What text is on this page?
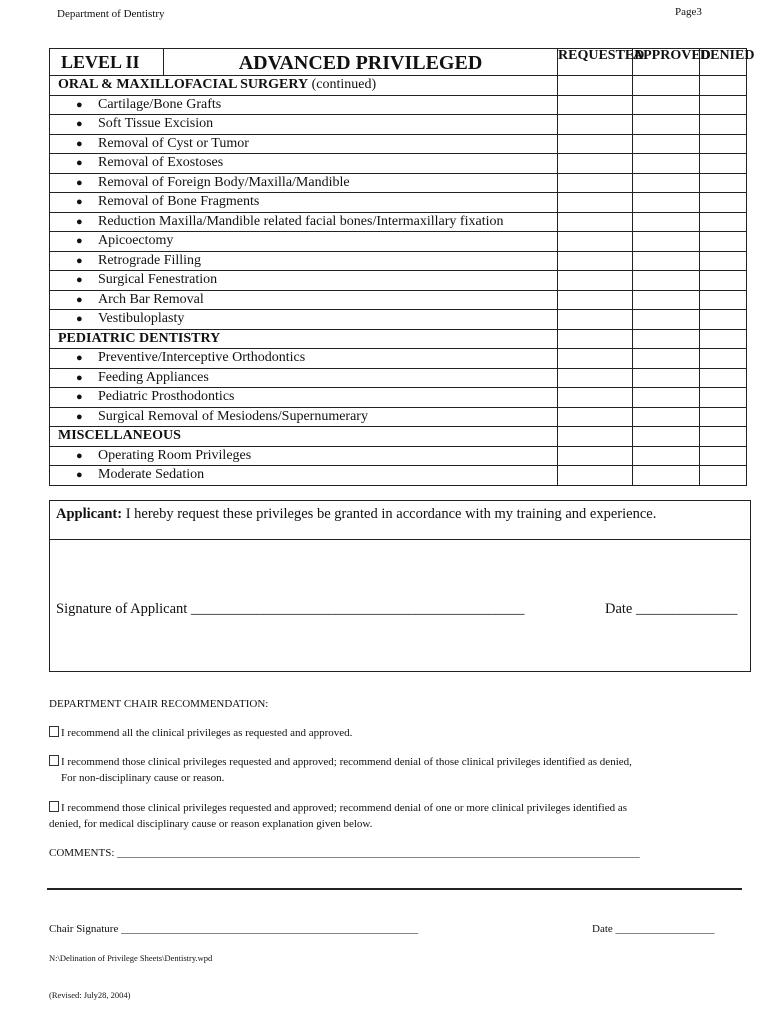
Department of Dentistry	Page3
LEVEL II ADVANCED PRIVILEGED	REQUESTED	APPROVED	DENIED
ORAL & MAXILLOFACIAL SURGERY (continued)			
● Cartilage/Bone Grafts			
● Soft Tissue Excision			
● Removal of Cyst or Tumor			
● Removal of Exostoses			
● Removal of Foreign Body/Maxilla/Mandible			
● Removal of Bone Fragments			
● Reduction Maxilla/Mandible related facial bones/Intermaxillary fixation			
● Apicoectomy			
● Retrograde Filling			
● Surgical Fenestration			
● Arch Bar Removal			
● Vestibuloplasty			
PEDIATRIC DENTISTRY			
● Preventive/Interceptive Orthodontics			
● Feeding Appliances			
● Pediatric Prosthodontics			
● Surgical Removal of Mesiodens/Supernumerary			
MISCELLANEOUS			
● Operating Room Privileges			
● Moderate Sedation			
Applicant: I hereby request these privileges be granted in accordance with my training and experience.
Signature of Applicant ______________________________________________	Date ______________
DEPARTMENT CHAIR RECOMMENDATION:
I recommend all the clinical privileges as requested and approved.
I recommend those clinical privileges requested and approved; recommend denial of those clinical privileges identified as denied,
For non-disciplinary cause or reason.
I recommend those clinical privileges requested and approved; recommend denial of one or more clinical privileges identified as
denied, for medical disciplinary cause or reason explanation given below.
COMMENTS: _______________________________________________________________________________________________
Chair Signature ______________________________________________________	Date __________________
N:\Delination of Privilege Sheets\Dentistry.wpd
(Revised: July28, 2004)
